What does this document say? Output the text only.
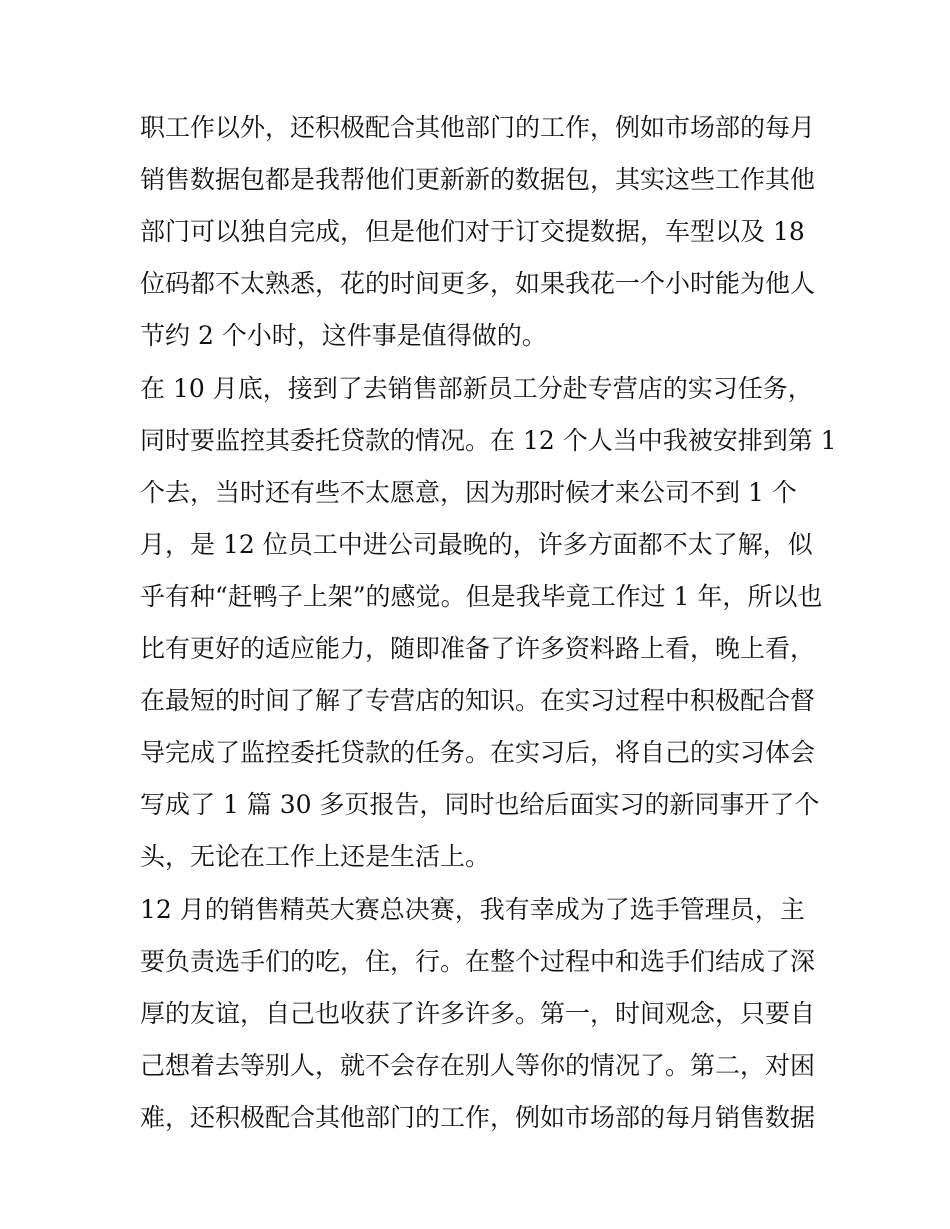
职工作以外，还积极配合其他部门的工作，例如市场部的每月

销售数据包都是我帮他们更新新的数据包，其实这些工作其他

部门可以独自完成，但是他们对于订交提数据，车型以及 18

位码都不太熟悉，花的时间更多，如果我花一个小时能为他人

节约 2 个小时，这件事是值得做的。

在 10 月底，接到了去销售部新员工分赴专营店的实习任务，

同时要监控其委托贷款的情况。在 12 个人当中我被安排到第 1

个去，当时还有些不太愿意，因为那时候才来公司不到 1 个

月，是 12 位员工中进公司最晚的，许多方面都不太了解，似

乎有种“赶鸭子上架”的感觉。但是我毕竟工作过 1 年，所以也

比有更好的适应能力，随即准备了许多资料路上看，晚上看，

在最短的时间了解了专营店的知识。在实习过程中积极配合督

导完成了监控委托贷款的任务。在实习后，将自己的实习体会

写成了 1 篇 30 多页报告，同时也给后面实习的新同事开了个

头，无论在工作上还是生活上。

12 月的销售精英大赛总决赛，我有幸成为了选手管理员，主

要负责选手们的吃，住，行。在整个过程中和选手们结成了深

厚的友谊，自己也收获了许多许多。第一，时间观念，只要自

己想着去等别人，就不会存在别人等你的情况了。第二，对困

难，还积极配合其他部门的工作，例如市场部的每月销售数据
